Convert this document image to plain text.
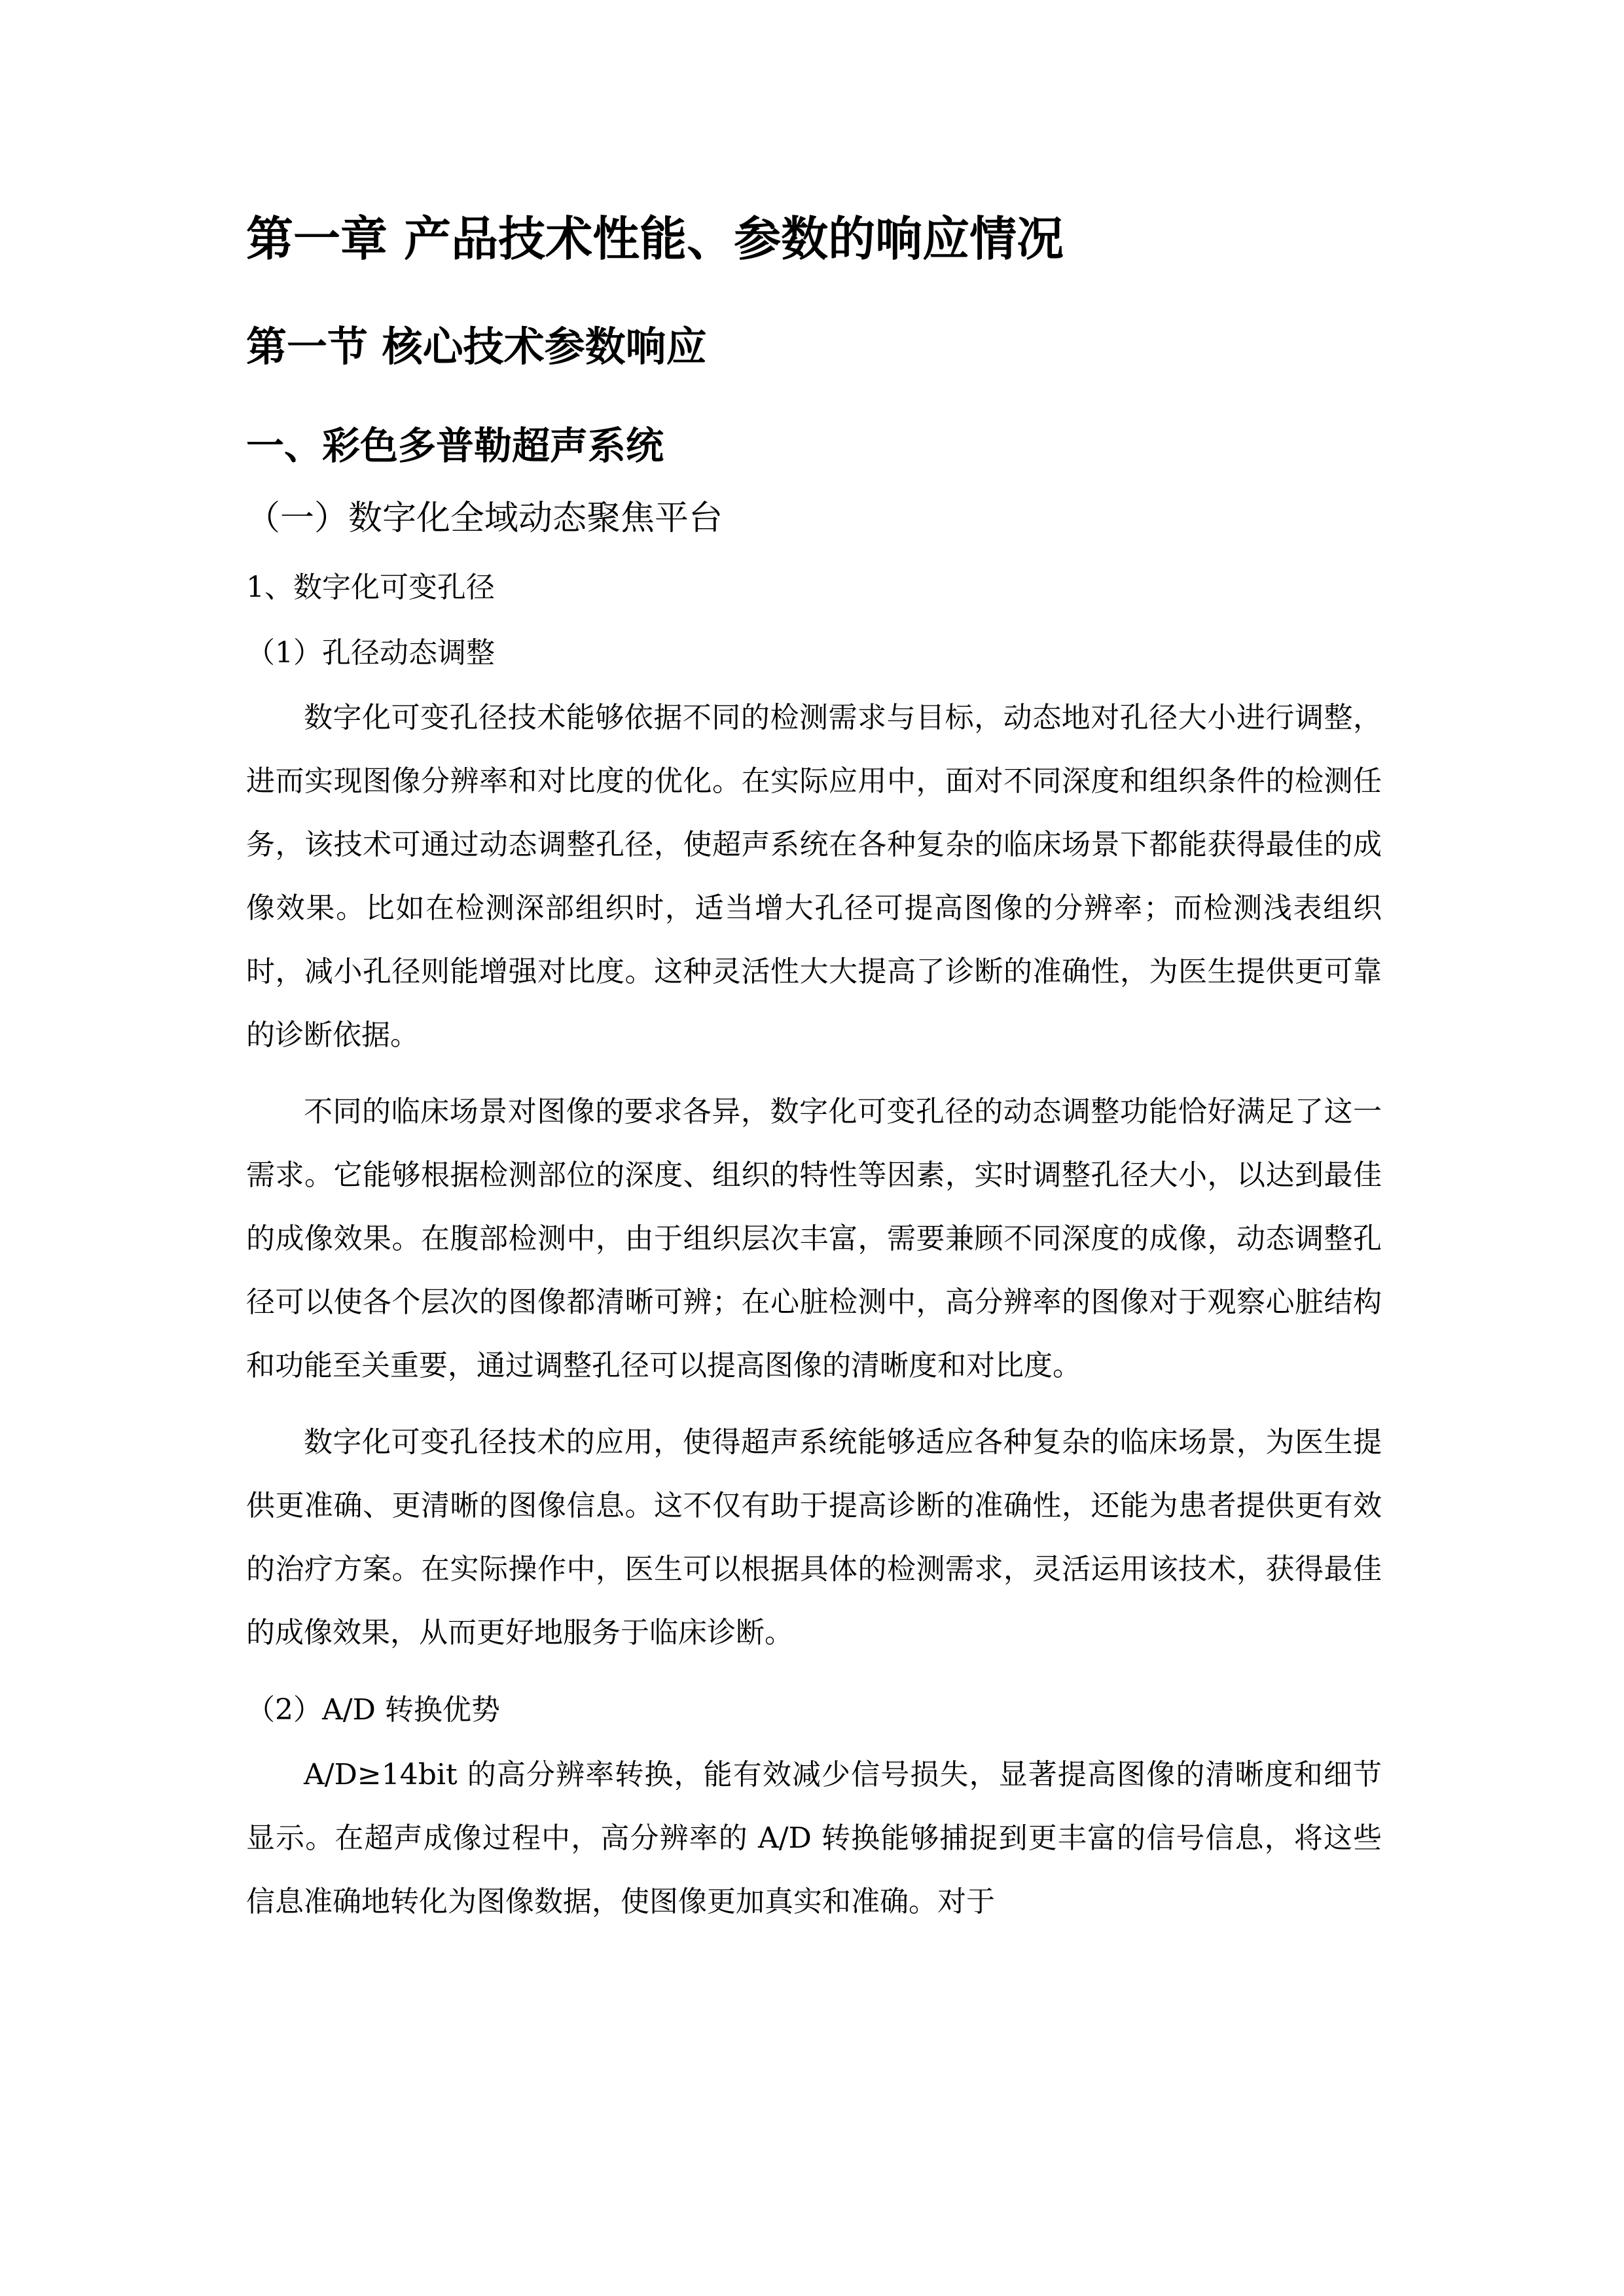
第一章 产品技术性能、参数的响应情况
第一节 核心技术参数响应
一、彩色多普勒超声系统
（一）数字化全域动态聚焦平台
1、数字化可变孔径
（1）孔径动态调整

数字化可变孔径技术能够依据不同的检测需求与目标，动态地对孔径大小进行调整，进而实现图像分辨率和对比度的优化。在实际应用中，面对不同深度和组织条件的检测任务，该技术可通过动态调整孔径，使超声系统在各种复杂的临床场景下都能获得最佳的成像效果。比如在检测深部组织时，适当增大孔径可提高图像的分辨率；而检测浅表组织时，减小孔径则能增强对比度。这种灵活性大大提高了诊断的准确性，为医生提供更可靠的诊断依据。

不同的临床场景对图像的要求各异，数字化可变孔径的动态调整功能恰好满足了这一需求。它能够根据检测部位的深度、组织的特性等因素，实时调整孔径大小，以达到最佳的成像效果。在腹部检测中，由于组织层次丰富，需要兼顾不同深度的成像，动态调整孔径可以使各个层次的图像都清晰可辨；在心脏检测中，高分辨率的图像对于观察心脏结构和功能至关重要，通过调整孔径可以提高图像的清晰度和对比度。

数字化可变孔径技术的应用，使得超声系统能够适应各种复杂的临床场景，为医生提供更准确、更清晰的图像信息。这不仅有助于提高诊断的准确性，还能为患者提供更有效的治疗方案。在实际操作中，医生可以根据具体的检测需求，灵活运用该技术，获得最佳的成像效果，从而更好地服务于临床诊断。

（2）A/D 转换优势

A/D≥14bit 的高分辨率转换，能有效减少信号损失，显著提高图像的清晰度和细节显示。在超声成像过程中，高分辨率的 A/D 转换能够捕捉到更丰富的信号信息，将这些信息准确地转化为图像数据，使图像更加真实和准确。对于
